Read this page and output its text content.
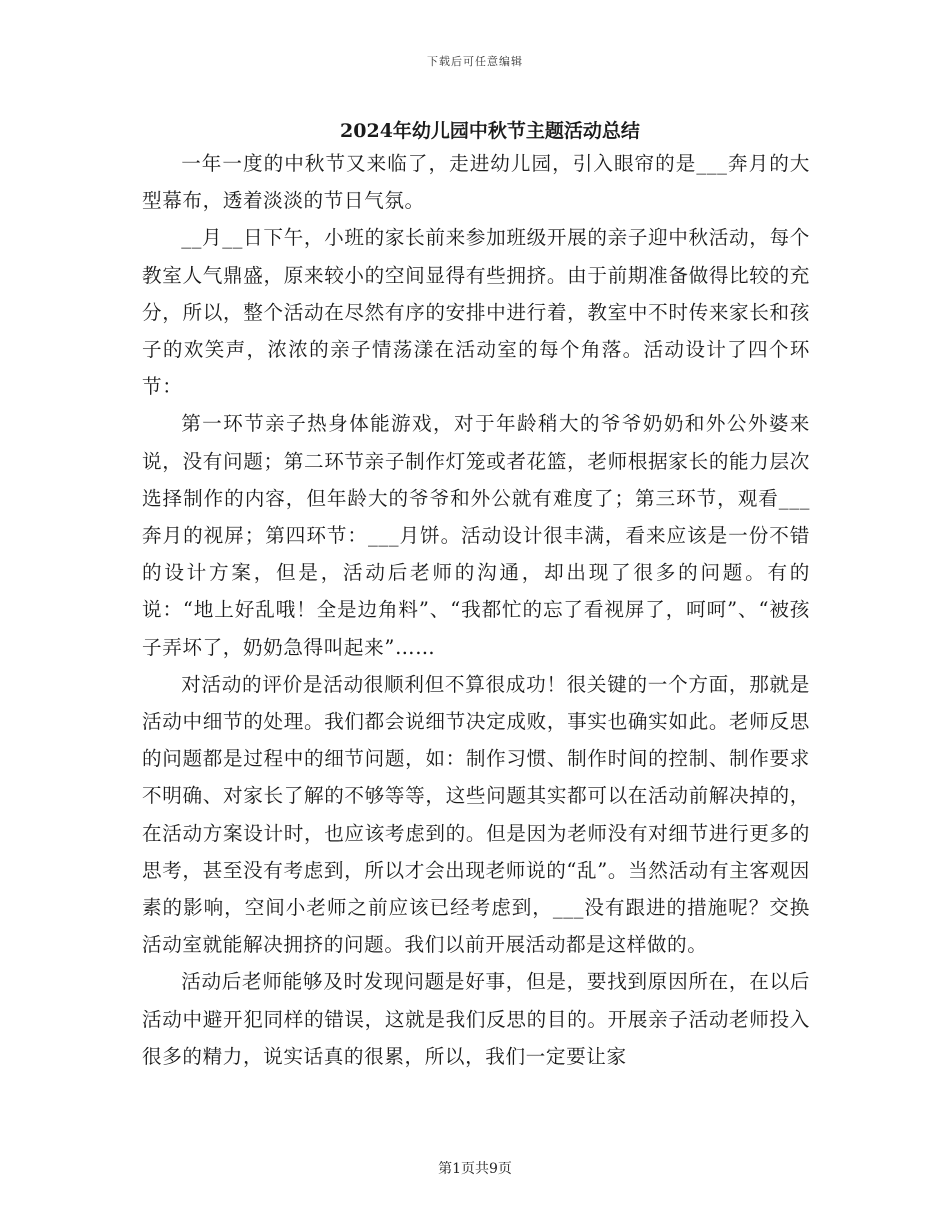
下载后可任意编辑
2024年幼儿园中秋节主题活动总结

一年一度的中秋节又来临了，走进幼儿园，引入眼帘的是___奔月的大型幕布，透着淡淡的节日气氛。

__月__日下午，小班的家长前来参加班级开展的亲子迎中秋活动，每个教室人气鼎盛，原来较小的空间显得有些拥挤。由于前期准备做得比较的充分，所以，整个活动在尽然有序的安排中进行着，教室中不时传来家长和孩子的欢笑声，浓浓的亲子情荡漾在活动室的每个角落。活动设计了四个环节：

第一环节亲子热身体能游戏，对于年龄稍大的爷爷奶奶和外公外婆来说，没有问题；第二环节亲子制作灯笼或者花篮，老师根据家长的能力层次选择制作的内容，但年龄大的爷爷和外公就有难度了；第三环节，观看___奔月的视屏；第四环节：___月饼。活动设计很丰满，看来应该是一份不错的设计方案，但是，活动后老师的沟通，却出现了很多的问题。有的说：“地上好乱哦！全是边角料”、“我都忙的忘了看视屏了，呵呵”、“被孩子弄坏了，奶奶急得叫起来”……

对活动的评价是活动很顺利但不算很成功！很关键的一个方面，那就是活动中细节的处理。我们都会说细节决定成败，事实也确实如此。老师反思的问题都是过程中的细节问题，如：制作习惯、制作时间的控制、制作要求不明确、对家长了解的不够等等，这些问题其实都可以在活动前解决掉的，在活动方案设计时，也应该考虑到的。但是因为老师没有对细节进行更多的思考，甚至没有考虑到，所以才会出现老师说的“乱”。当然活动有主客观因素的影响，空间小老师之前应该已经考虑到，___没有跟进的措施呢？交换活动室就能解决拥挤的问题。我们以前开展活动都是这样做的。

活动后老师能够及时发现问题是好事，但是，要找到原因所在，在以后活动中避开犯同样的错误，这就是我们反思的目的。开展亲子活动老师投入很多的精力，说实话真的很累，所以，我们一定要让家

第1页共9页
